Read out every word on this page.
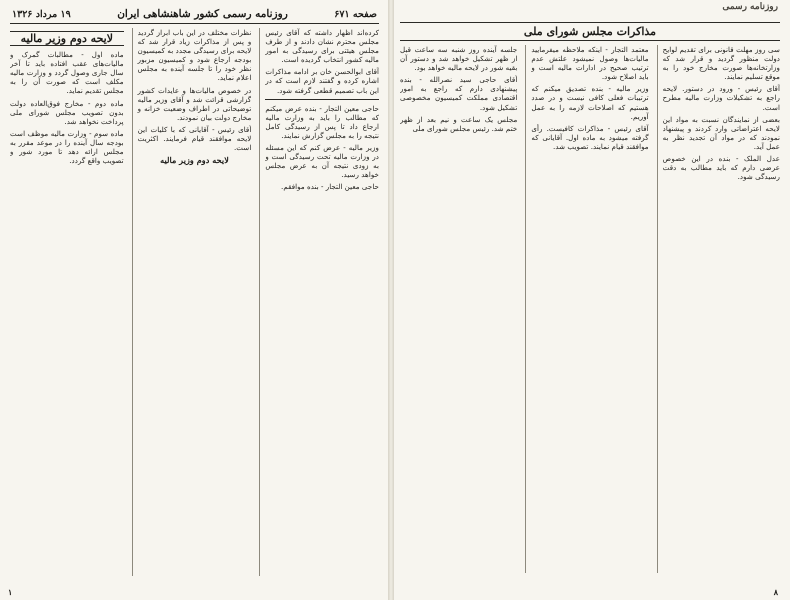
صفحه ۶۷۱
روزنامه رسمی کشور شاهنشاهی ایران
۱۹ مرداد ۱۳۲۶

کرده‌اند اظهار داشته که آقای رئیس مجلس محترم نشان دادند و از طرف مجلس هیئتی برای رسیدگی به امور مالیه کشور انتخاب گردیده است.

آقای ابوالحسن خان بر ادامه مذاکرات اشاره کرده و گفتند لازم است که در این باب تصمیم قطعی گرفته شود.

حاجی معین التجار - بنده عرض میکنم که مطالب را باید به وزارت مالیه ارجاع داد تا پس از رسیدگی کامل نتیجه را به مجلس گزارش نمایند.

وزیر مالیه - عرض کنم که این مسئله در وزارت مالیه تحت رسیدگی است و به زودی نتیجه آن به عرض مجلس خواهد رسید.

حاجی معین التجار - بنده موافقم.

نظرات مختلف در این باب ابراز گردید و پس از مذاکرات زیاد قرار شد که لایحه برای رسیدگی مجدد به کمیسیون بودجه ارجاع شود و کمیسیون مزبور نظر خود را تا جلسه آینده به مجلس اعلام نماید.

در خصوص مالیات‌ها و عایدات کشور گزارشی قرائت شد و آقای وزیر مالیه توضیحاتی در اطراف وضعیت خزانه و مخارج دولت بیان نمودند.

آقای رئیس - آقایانی که با کلیات این لایحه موافقند قیام فرمایند. اکثریت است.

لایحه دوم وزیر مالیه
لایحه دوم وزیر مالیه

ماده اول - مطالبات گمرک و مالیات‌های عقب افتاده باید تا آخر سال جاری وصول گردد و وزارت مالیه مکلف است که صورت آن را به مجلس تقدیم نماید.

ماده دوم - مخارج فوق‌العاده دولت بدون تصویب مجلس شورای ملی پرداخت نخواهد شد.

ماده سوم - وزارت مالیه موظف است بودجه سال آینده را در موعد مقرر به مجلس ارائه دهد تا مورد شور و تصویب واقع گردد.

۱
روزنامه رسمی
مذاکرات مجلس شورای ملی

سی روز مهلت قانونی برای تقدیم لوایح دولت منظور گردید و قرار شد که وزارتخانه‌ها صورت مخارج خود را به موقع تسلیم نمایند.

آقای رئیس - ورود در دستور. لایحه راجع به تشکیلات وزارت مالیه مطرح است.

بعضی از نمایندگان نسبت به مواد این لایحه اعتراضاتی وارد کردند و پیشنهاد نمودند که در مواد آن تجدید نظر به عمل آید.

عدل الملک - بنده در این خصوص عرضی دارم که باید مطالب به دقت رسیدگی شود.

معتمد التجار - اینکه ملاحظه میفرمایید مالیات‌ها وصول نمیشود علتش عدم ترتیب صحیح در ادارات مالیه است و باید اصلاح شود.

وزیر مالیه - بنده تصدیق میکنم که ترتیبات فعلی کافی نیست و در صدد هستیم که اصلاحات لازمه را به عمل آوریم.

آقای رئیس - مذاکرات کافیست. رأی گرفته میشود به ماده اول. آقایانی که موافقند قیام نمایند. تصویب شد.

جلسه آینده روز شنبه سه ساعت قبل از ظهر تشکیل خواهد شد و دستور آن بقیه شور در لایحه مالیه خواهد بود.

آقای حاجی سید نصرالله - بنده پیشنهادی دارم که راجع به امور اقتصادی مملکت کمیسیون مخصوصی تشکیل شود.

مجلس یک ساعت و نیم بعد از ظهر ختم شد. رئیس مجلس شورای ملی

۸
